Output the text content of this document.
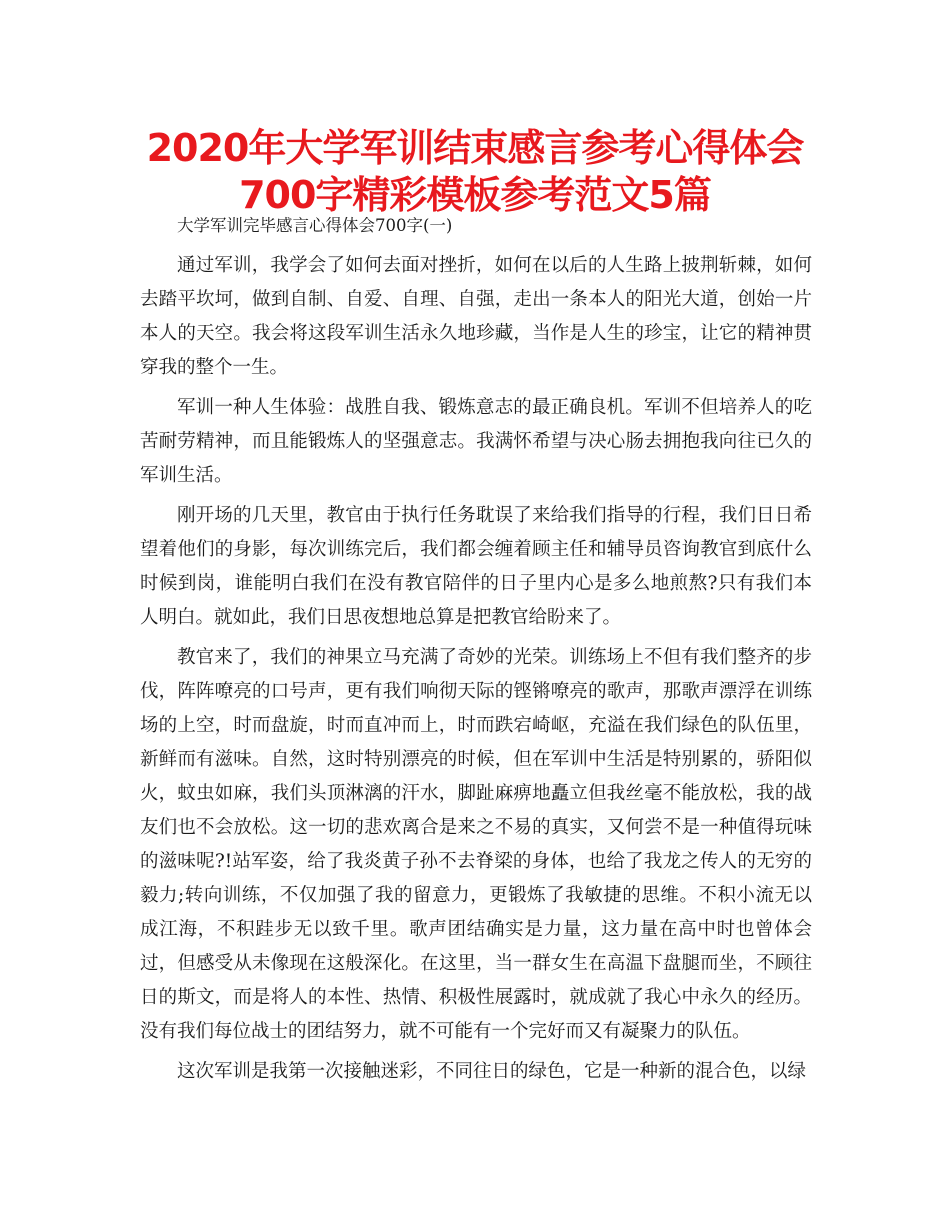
2020年大学军训结束感言参考心得体会
700字精彩模板参考范文5篇

大学军训完毕感言心得体会700字(一)

通过军训，我学会了如何去面对挫折，如何在以后的人生路上披荆斩棘，如何去踏平坎坷，做到自制、自爱、自理、自强，走出一条本人的阳光大道，创始一片本人的天空。我会将这段军训生活永久地珍藏，当作是人生的珍宝，让它的精神贯穿我的整个一生。

军训一种人生体验：战胜自我、锻炼意志的最正确良机。军训不但培养人的吃苦耐劳精神，而且能锻炼人的坚强意志。我满怀希望与决心肠去拥抱我向往已久的军训生活。

刚开场的几天里，教官由于执行任务耽误了来给我们指导的行程，我们日日希望着他们的身影，每次训练完后，我们都会缠着顾主任和辅导员咨询教官到底什么时候到岗，谁能明白我们在没有教官陪伴的日子里内心是多么地煎熬?只有我们本人明白。就如此，我们日思夜想地总算是把教官给盼来了。

教官来了，我们的神果立马充满了奇妙的光荣。训练场上不但有我们整齐的步伐，阵阵嘹亮的口号声，更有我们响彻天际的铿锵嘹亮的歌声，那歌声漂浮在训练场的上空，时而盘旋，时而直冲而上，时而跌宕崎岖，充溢在我们绿色的队伍里，新鲜而有滋味。自然，这时特别漂亮的时候，但在军训中生活是特别累的，骄阳似火，蚊虫如麻，我们头顶淋漓的汗水，脚趾麻痹地矗立但我丝毫不能放松，我的战友们也不会放松。这一切的悲欢离合是来之不易的真实，又何尝不是一种值得玩味的滋味呢?!站军姿，给了我炎黄子孙不去脊梁的身体，也给了我龙之传人的无穷的毅力;转向训练，不仅加强了我的留意力，更锻炼了我敏捷的思维。不积小流无以成江海，不积跬步无以致千里。歌声团结确实是力量，这力量在高中时也曾体会过，但感受从未像现在这般深化。在这里，当一群女生在高温下盘腿而坐，不顾往日的斯文，而是将人的本性、热情、积极性展露时，就成就了我心中永久的经历。没有我们每位战士的团结努力，就不可能有一个完好而又有凝聚力的队伍。

这次军训是我第一次接触迷彩，不同往日的绿色，它是一种新的混合色，以绿
